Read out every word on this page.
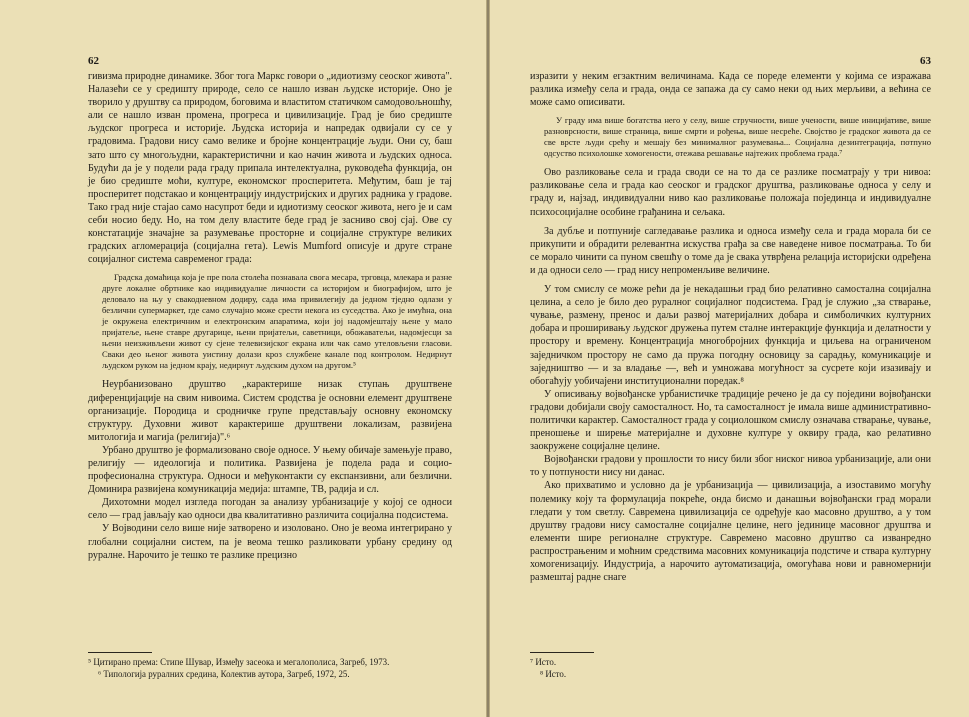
62

гивизма природне динамике. Због тога Маркс говори о „идиотизму сеоског живота". Налазећи се у средишту природе, село се нашло изван људске историје. Оно је творило у друштву са природом, боговима и властитом статичком самодовољношћу, али се нашло изван промена, прогреса и цивилизације. Град је био средиште људског прогреса и историје. Људска историја и напредак одвијали су се у градовима. Градови нису само велике и бројне концентрације људи. Они су, баш зато што су многољудни, карактеристични и као начин живота и људских односа. Будући да је у подели рада граду припала интелектуална, руководећа функција, он је био средиште моћи, културе, економског просперитета. Међутим, баш је тај просперитет подстакао и концентрацију индустријских и других радника у градове. Тако град није стајао само насупрот беди и идиотизму сеоског живота, него је и сам себи носио беду. Но, на том делу властите беде град је засниво свој сјај. Ове су констатације значајне за разумевање просторне и социјалне структуре великих градских агломерација (социјална гета). Lewis Mumford описује и друге стране социјалног система савременог града:

Градска домаћица која је пре пола столећа познавала свога месара, трговца, млекара и разне друге локалне обртнике као индивидуалне личности са историјом и биографијом, што је деловало на њу у свакодневном додиру, сада има привилегију да једном тједно одлази у безлични супермаркет, где само случајно може срести некога из суседства. Ако је имућна, она је окружена електричним и електронским апаратима, који јој надомјештају њене у мало пријатеље, њене ставре другарице, њени пријатељи, саветници, обожаватељи, надомјесци за њени неизживљени живот су сјене телевизијског екрана или чак само утеловљени гласови. Сваки део њеног живота уистину долази кроз службене канале под контролом. Недирнут људском руком на једном крају, недирнут људским духом на другом.⁵

Неурбанизовано друштво „карактерише низак ступањ друштвене диференцијације на свим нивоима. Систем сродства је основни елемент друштвене организације. Породица и сродничке групе представљају основну економску структуру. Духовни живот карактерише друштвени локализам, развијена митологија и магија (религија)".⁶

Урбано друштво је формализовано своје односе. У њему обичаје замењује право, религију — идеологија и политика. Развијена је подела рада и социо-професионална структура. Односи и међуконтакти су експанзивни, али безлични. Доминира развијена комуникација медија: штампе, ТВ, радија и сл.

Дихотомни модел изгледа погодан за анализу урбанизације у којој се односи село — град јављају као односи два квалитативно различита социјална подсистема.

У Војводини село више није затворено и изоловано. Оно је веома интегрирано у глобални социјални систем, па је веома тешко разликовати урбану средину од руралне. Нарочито је тешко те разлике прецизно

⁵ Цитирано према: Стипе Шувар, Између засеока и мегалополиса, Загреб, 1973.

⁶ Типологија руралних средина, Колектив аутора, Загреб, 1972, 25.

63

изразити у неким егзактним величинама. Када се пореде елементи у којима се изражава разлика између села и града, онда се запажа да су само неки од њих мерљиви, а већина се може само описивати.

У граду има више богатства него у селу, више стручности, више учености, више иницијативе, више разноврсности, више страница, више смрти и рођења, више несреће. Својство је градског живота да се све врсте људи срећу и мешају без минималног разумевања... Социјална дезинтеграција, потпуно одсуство психолошке хомогености, отежава решавање најтежих проблема града.⁷

Ово разликовање села и града своди се на то да се разлике посматрају у три нивоа: разликовање села и града као сеоског и градског друштва, разликовање односа у селу и граду и, најзад, индивидуални ниво као разликовање положаја појединца и индивидуалне психосоцијалне особине грађанина и сељака.

За дубље и потпуније сагледавање разлика и односа између села и града морала би се прикупити и обрадити релевантна искуства грађа за све наведене нивое посматрања. То би се морало чинити са пуном свешћу о томе да је свака утврђена релација историјски одређена и да односи село — град нису непроменљиве величине.

У том смислу се може рећи да је некадашњи град био релативно самостална социјална целина, а село је било део руралног социјалног подсистема. Град је служио „за стварање, чување, размену, пренос и даљи развој материјалних добара и симболичких културних добара и проширивању људског дружења путем сталне интеракције функција и делатности у простору и времену. Концентрација многобројних функција и циљева на ограниченом заједничком простору не само да пружа погодну основицу за сарадњу, комуникације и заједништво — и за владање —, већ и умножава могућност за сусрете који изазивају и обогаћују уобичајени институционални поредак.⁸

У описивању војвођанске урбанистичке традиције речено је да су поједини војвођански градови добијали своју самосталност. Но, та самосталност је имала више административно-политички карактер. Самосталност града у социолошком смислу означава стварање, чување, преношење и ширење материјалне и духовне културе у оквиру града, као релативно заокружене социјалне целине.

Војвођански градови у прошлости то нису били због ниског нивоа урбанизације, али они то у потпуности нису ни данас.

Ако прихватимо и условно да је урбанизација — цивилизација, а изоставимо могућу полемику коју та формулација покреће, онда бисмо и данашњи војвођански град морали гледати у том светлу. Савремена цивилизација се одређује као масовно друштво, а у том друштву градови нису самосталне социјалне целине, него јединице масовног друштва и елементи шире регионалне структуре. Савремено масовно друштво са изванредно распрострањеним и моћним средствима масовних комуникација подстиче и ствара културну хомогенизацију. Индустрија, а нарочито аутоматизација, омогућава нови и равномернији размештај радне снаге

⁷ Исто.

⁸ Исто.
